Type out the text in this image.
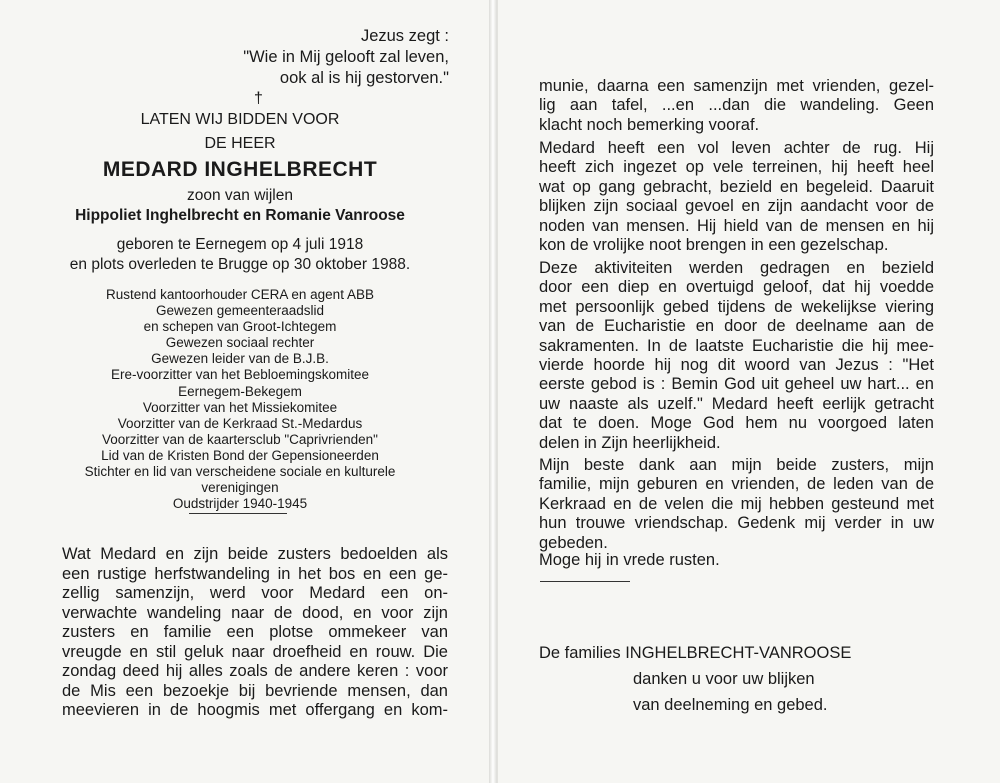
Jezus zegt :
"Wie in Mij gelooft zal leven,
ook al is hij gestorven."
†
LATEN WIJ BIDDEN VOOR
DE HEER
MEDARD INGHELBRECHT
zoon van wijlen
Hippoliet Inghelbrecht en Romanie Vanroose
geboren te Eernegem op 4 juli 1918
en plots overleden te Brugge op 30 oktober 1988.
Rustend kantoorhouder CERA en agent ABB
Gewezen gemeenteraadslid
en schepen van Groot-Ichtegem
Gewezen sociaal rechter
Gewezen leider van de B.J.B.
Ere-voorzitter van het Bebloemingskomitee
Eernegem-Bekegem
Voorzitter van het Missiekomitee
Voorzitter van de Kerkraad St.-Medardus
Voorzitter van de kaartersclub "Caprivrienden"
Lid van de Kristen Bond der Gepensioneerden
Stichter en lid van verscheidene sociale en kulturele
verenigingen
Oudstrijder 1940-1945
Wat Medard en zijn beide zusters bedoelden als
een rustige herfstwandeling in het bos en een ge-
zellig samenzijn, werd voor Medard een on-
verwachte wandeling naar de dood, en voor zijn
zusters en familie een plotse ommekeer van
vreugde en stil geluk naar droefheid en rouw. Die
zondag deed hij alles zoals de andere keren : voor
de Mis een bezoekje bij bevriende mensen, dan
meevieren in de hoogmis met offergang en kom-
munie, daarna een samenzijn met vrienden, gezel-
lig aan tafel, ...en ...dan die wandeling. Geen
klacht noch bemerking vooraf.
Medard heeft een vol leven achter de rug. Hij
heeft zich ingezet op vele terreinen, hij heeft heel
wat op gang gebracht, bezield en begeleid. Daaruit
blijken zijn sociaal gevoel en zijn aandacht voor de
noden van mensen. Hij hield van de mensen en hij
kon de vrolijke noot brengen in een gezelschap.
Deze aktiviteiten werden gedragen en bezield
door een diep en overtuigd geloof, dat hij voedde
met persoonlijk gebed tijdens de wekelijkse viering
van de Eucharistie en door de deelname aan de
sakramenten. In de laatste Eucharistie die hij mee-
vierde hoorde hij nog dit woord van Jezus : "Het
eerste gebod is : Bemin God uit geheel uw hart... en
uw naaste als uzelf." Medard heeft eerlijk getracht
dat te doen. Moge God hem nu voorgoed laten
delen in Zijn heerlijkheid.
Mijn beste dank aan mijn beide zusters, mijn
familie, mijn geburen en vrienden, de leden van de
Kerkraad en de velen die mij hebben gesteund met
hun trouwe vriendschap. Gedenk mij verder in uw
gebeden.
Moge hij in vrede rusten.
De families INGHELBRECHT-VANROOSE
danken u voor uw blijken
van deelneming en gebed.
